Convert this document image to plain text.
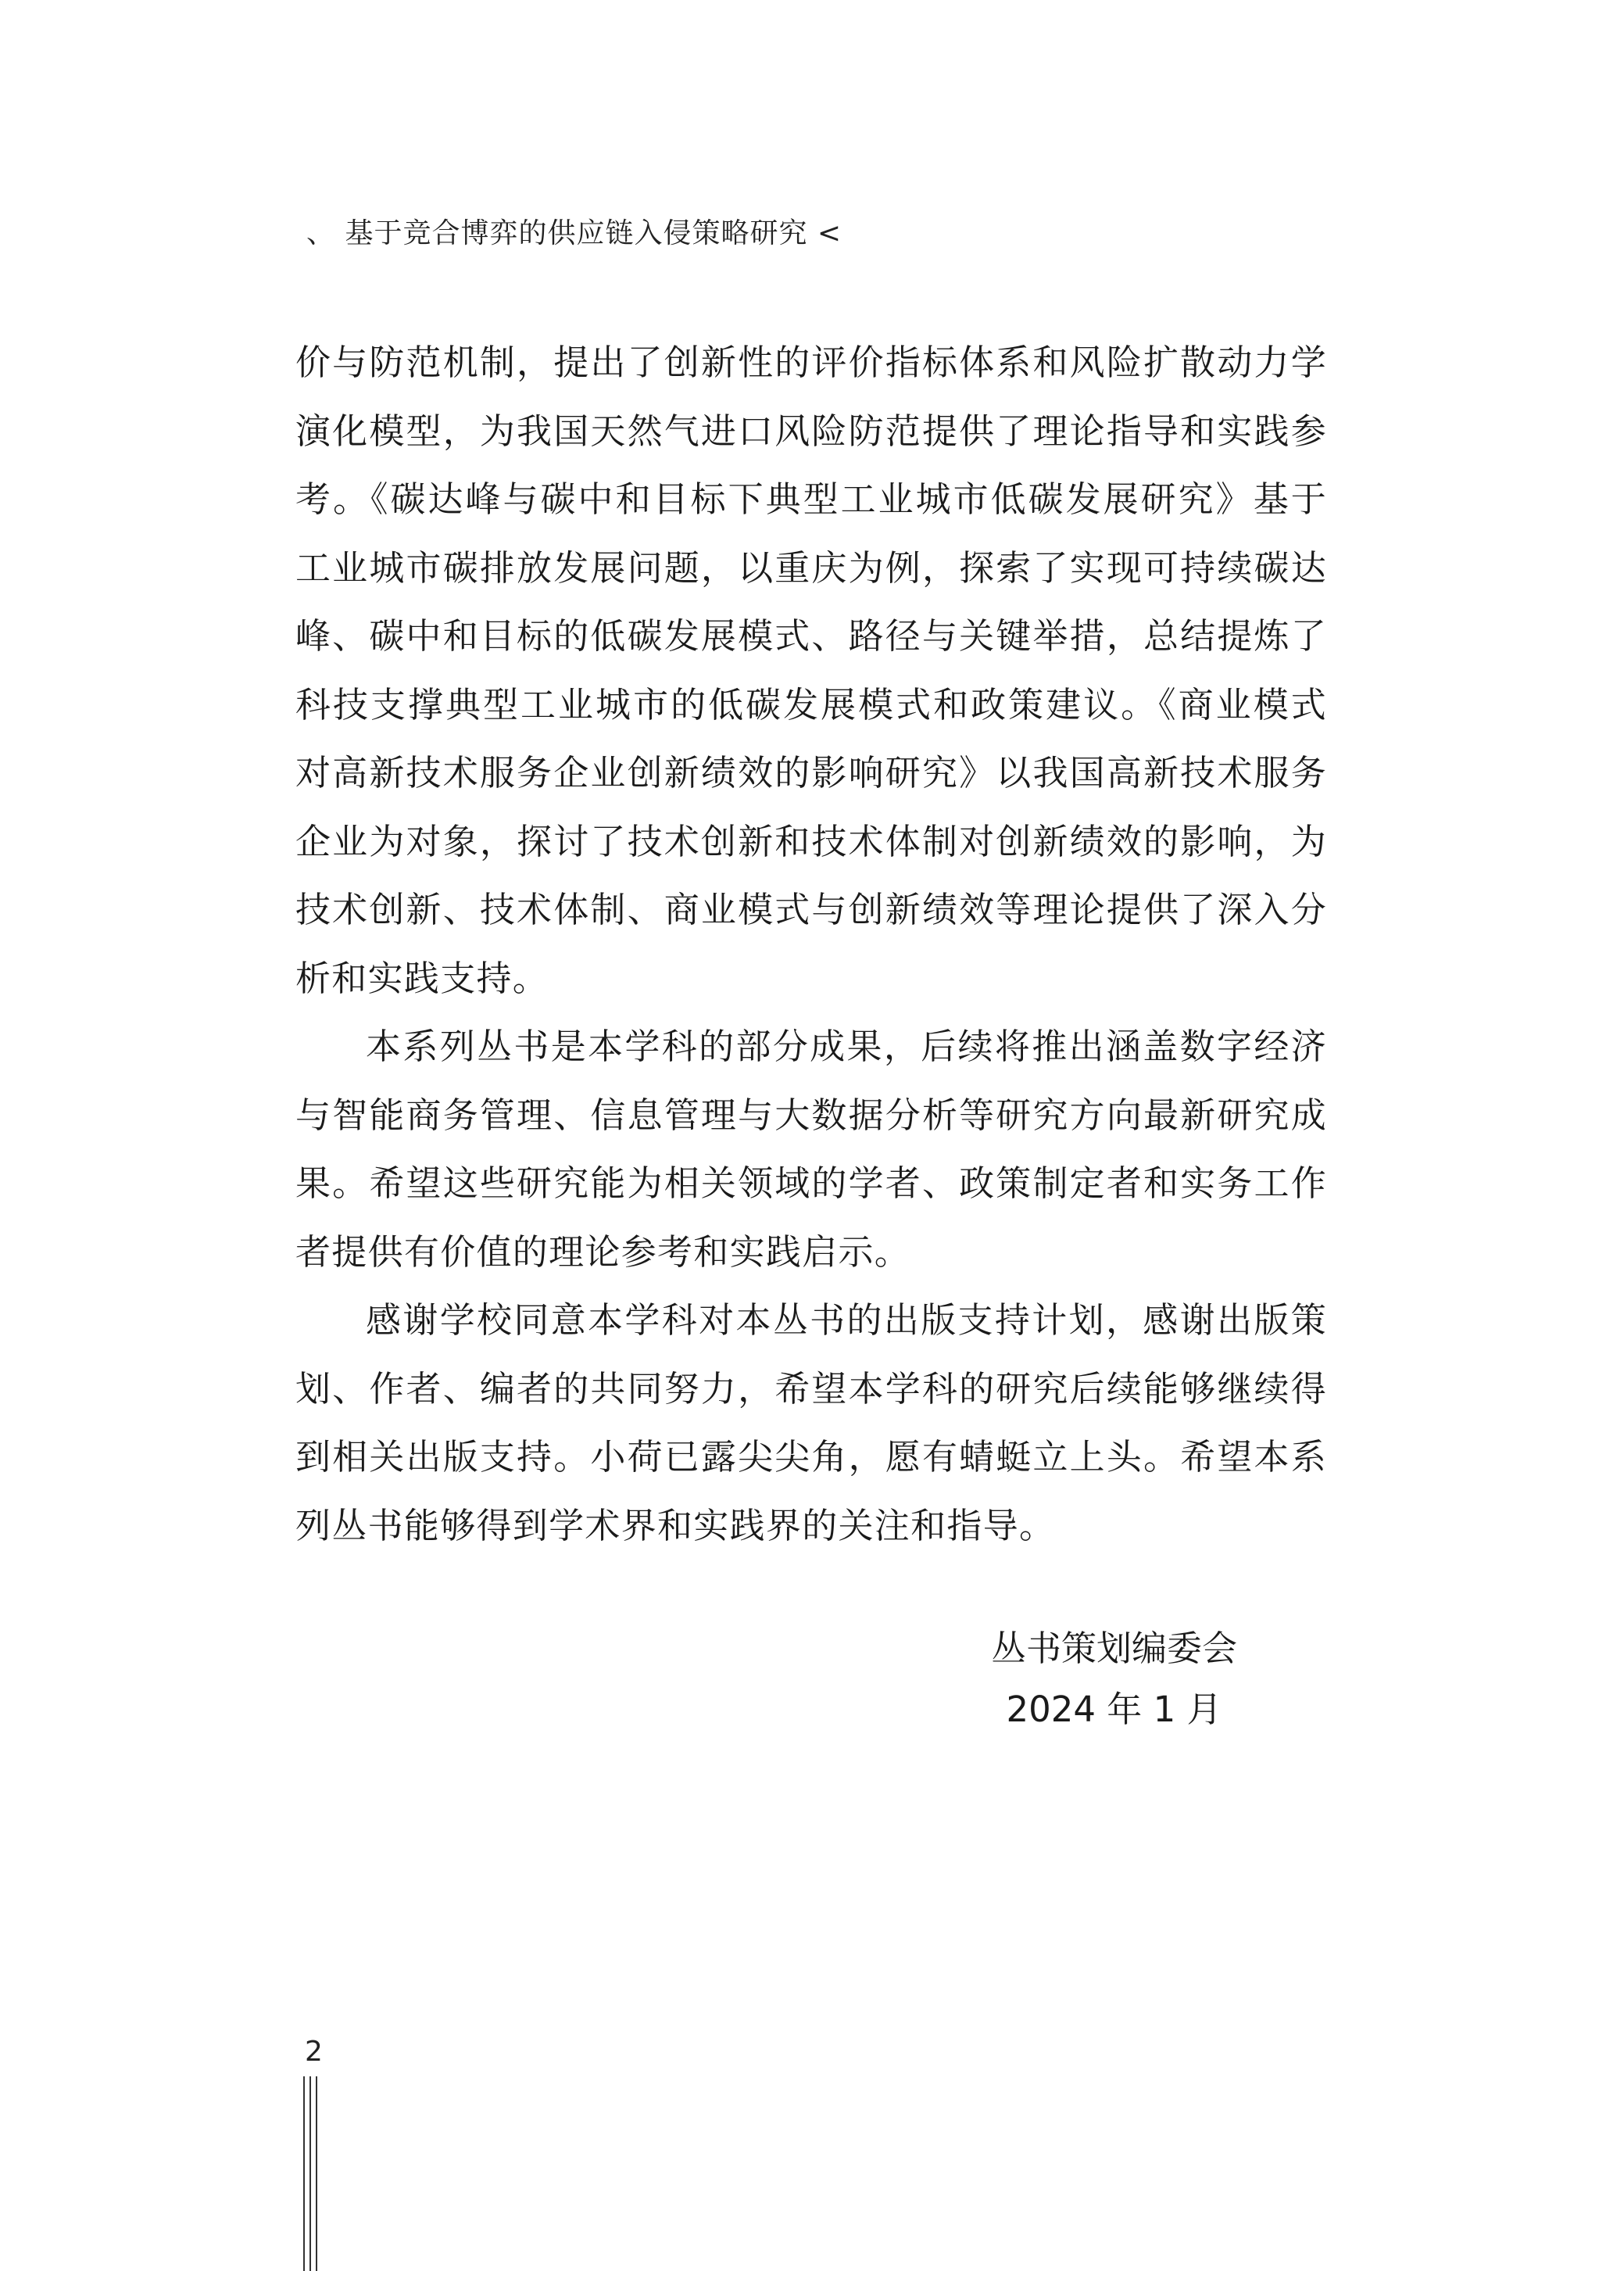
、 基于竞合博弈的供应链入侵策略研究 <

价与防范机制，提出了创新性的评价指标体系和风险扩散动力学演化模型，为我国天然气进口风险防范提供了理论指导和实践参考。《碳达峰与碳中和目标下典型工业城市低碳发展研究》基于工业城市碳排放发展问题，以重庆为例，探索了实现可持续碳达峰、碳中和目标的低碳发展模式、路径与关键举措，总结提炼了科技支撑典型工业城市的低碳发展模式和政策建议。《商业模式对高新技术服务企业创新绩效的影响研究》以我国高新技术服务企业为对象，探讨了技术创新和技术体制对创新绩效的影响，为技术创新、技术体制、商业模式与创新绩效等理论提供了深入分析和实践支持。

本系列丛书是本学科的部分成果，后续将推出涵盖数字经济与智能商务管理、信息管理与大数据分析等研究方向最新研究成果。希望这些研究能为相关领域的学者、政策制定者和实务工作者提供有价值的理论参考和实践启示。

感谢学校同意本学科对本丛书的出版支持计划，感谢出版策划、作者、编者的共同努力，希望本学科的研究后续能够继续得到相关出版支持。小荷已露尖尖角，愿有蜻蜓立上头。希望本系列丛书能够得到学术界和实践界的关注和指导。

丛书策划编委会
2024 年 1 月
2
